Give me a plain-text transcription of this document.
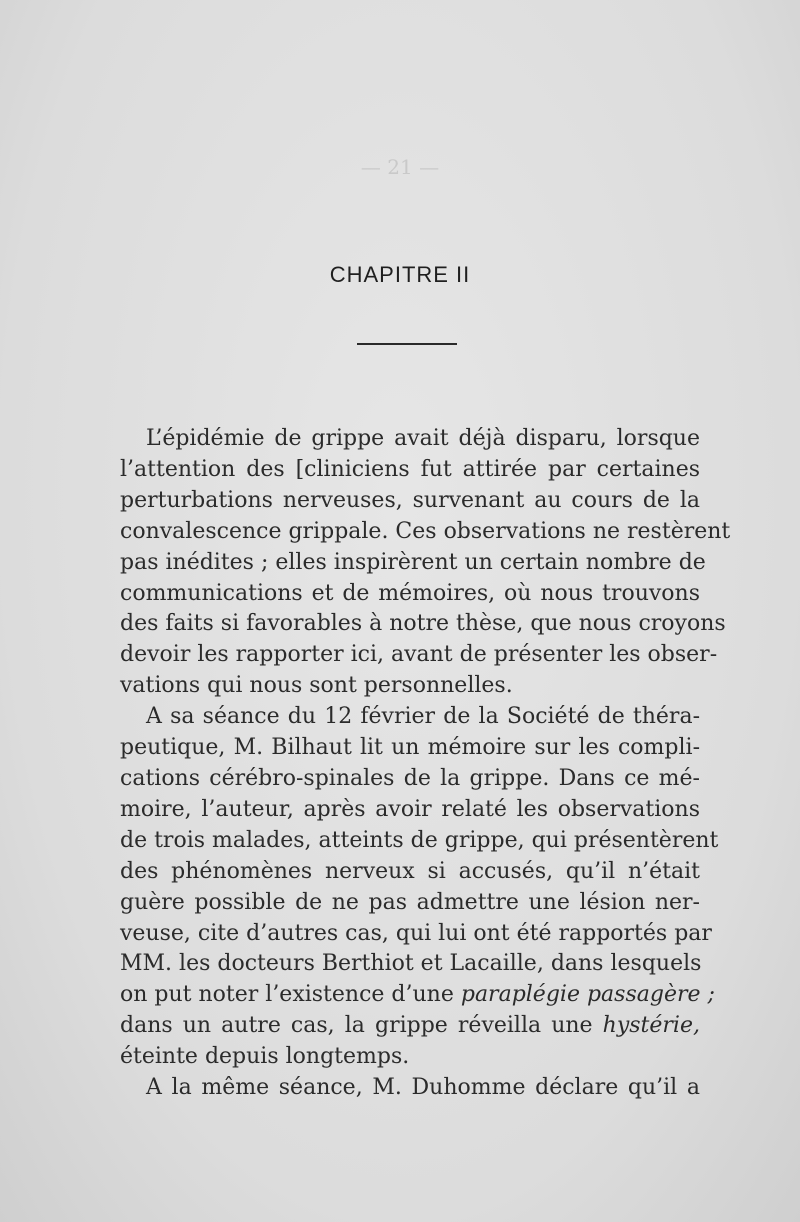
— 21 —
CHAPITRE II
L’épidémie de grippe avait déjà disparu, lorsque
l’attention des [cliniciens fut attirée par certaines
perturbations nerveuses, survenant au cours de la
convalescence grippale. Ces observations ne restèrent
pas inédites ; elles inspirèrent un certain nombre de
communications et de mémoires, où nous trouvons
des faits si favorables à notre thèse, que nous croyons
devoir les rapporter ici, avant de présenter les obser-
vations qui nous sont personnelles.
A sa séance du 12 février de la Société de théra-
peutique, M. Bilhaut lit un mémoire sur les compli-
cations cérébro-spinales de la grippe. Dans ce mé-
moire, l’auteur, après avoir relaté les observations
de trois malades, atteints de grippe, qui présentèrent
des phénomènes nerveux si accusés, qu’il n’était
guère possible de ne pas admettre une lésion ner-
veuse, cite d’autres cas, qui lui ont été rapportés par
MM. les docteurs Berthiot et Lacaille, dans lesquels
on put noter l’existence d’une paraplégie passagère ;
dans un autre cas, la grippe réveilla une hystérie,
éteinte depuis longtemps.
A la même séance, M. Duhomme déclare qu’il a
